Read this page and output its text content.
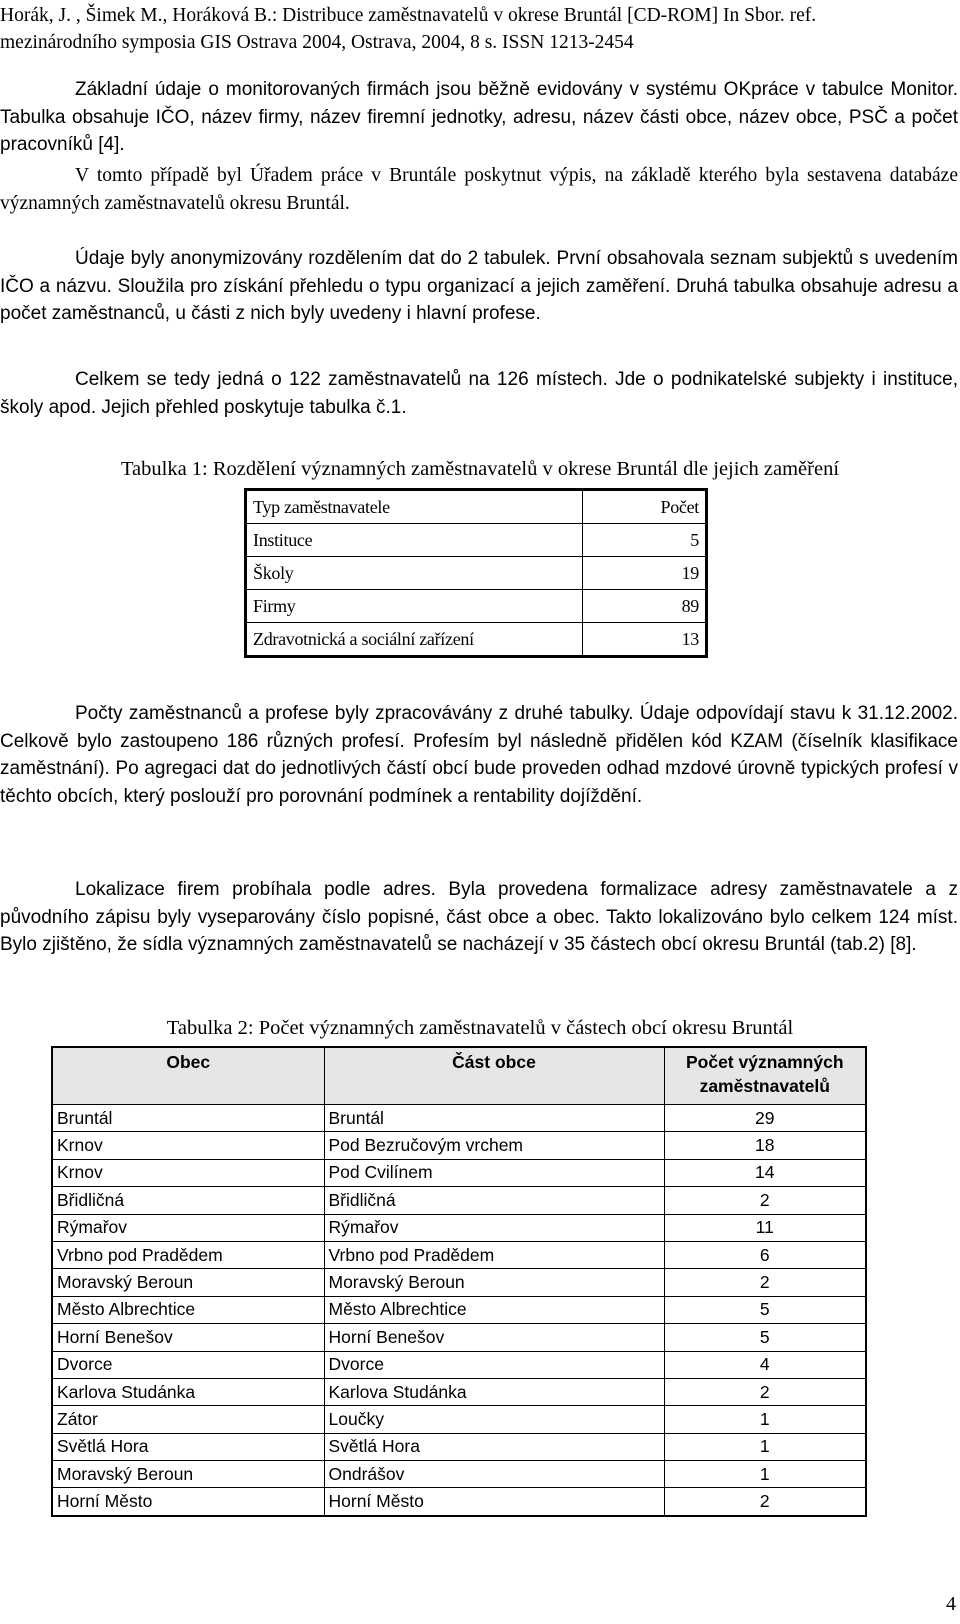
Horák, J. , Šimek M., Horáková B.: Distribuce zaměstnavatelů v okrese Bruntál [CD-ROM] In Sbor. ref.
mezinárodního symposia GIS Ostrava 2004, Ostrava, 2004, 8 s. ISSN 1213-2454

Základní údaje o monitorovaných firmách jsou běžně evidovány v systému OKpráce v tabulce Monitor. Tabulka obsahuje IČO, název firmy, název firemní jednotky, adresu, název části obce, název obce, PSČ a počet pracovníků [4].

V tomto případě byl Úřadem práce v Bruntále poskytnut výpis, na základě kterého byla sestavena databáze významných zaměstnavatelů okresu Bruntál.

Údaje byly anonymizovány rozdělením dat do 2 tabulek. První obsahovala seznam subjektů s uvedením IČO a názvu. Sloužila pro získání přehledu o typu organizací a jejich zaměření. Druhá tabulka obsahuje adresu a počet zaměstnanců, u části z nich byly uvedeny i hlavní profese.

Celkem se tedy jedná o 122 zaměstnavatelů na 126 místech. Jde o podnikatelské subjekty i instituce, školy apod. Jejich přehled poskytuje tabulka č.1.

Tabulka 1: Rozdělení významných zaměstnavatelů v okrese Bruntál dle jejich zaměření
Typ zaměstnavatele	Počet
Instituce	5
Školy	19
Firmy	89
Zdravotnická a sociální zařízení	13

Počty zaměstnanců a profese byly zpracovávány z druhé tabulky. Údaje odpovídají stavu k 31.12.2002. Celkově bylo zastoupeno 186 různých profesí. Profesím byl následně přidělen kód KZAM (číselník klasifikace zaměstnání). Po agregaci dat do jednotlivých částí obcí bude proveden odhad mzdové úrovně typických profesí v těchto obcích, který poslouží pro porovnání podmínek a rentability dojíždění.

Lokalizace firem probíhala podle adres. Byla provedena formalizace adresy zaměstnavatele a z původního zápisu byly vyseparovány číslo popisné, část obce a obec. Takto lokalizováno bylo celkem 124 míst. Bylo zjištěno, že sídla významných zaměstnavatelů se nacházejí v 35 částech obcí okresu Bruntál (tab.2) [8].

Tabulka 2: Počet významných zaměstnavatelů v částech obcí okresu Bruntál
Obec	Část obce	Počet významných zaměstnavatelů
Bruntál	Bruntál	29
Krnov	Pod Bezručovým vrchem	18
Krnov	Pod Cvilínem	14
Břidličná	Břidličná	2
Rýmařov	Rýmařov	11
Vrbno pod Pradědem	Vrbno pod Pradědem	6
Moravský Beroun	Moravský Beroun	2
Město Albrechtice	Město Albrechtice	5
Horní Benešov	Horní Benešov	5
Dvorce	Dvorce	4
Karlova Studánka	Karlova Studánka	2
Zátor	Loučky	1
Světlá Hora	Světlá Hora	1
Moravský Beroun	Ondrášov	1
Horní Město	Horní Město	2
4
